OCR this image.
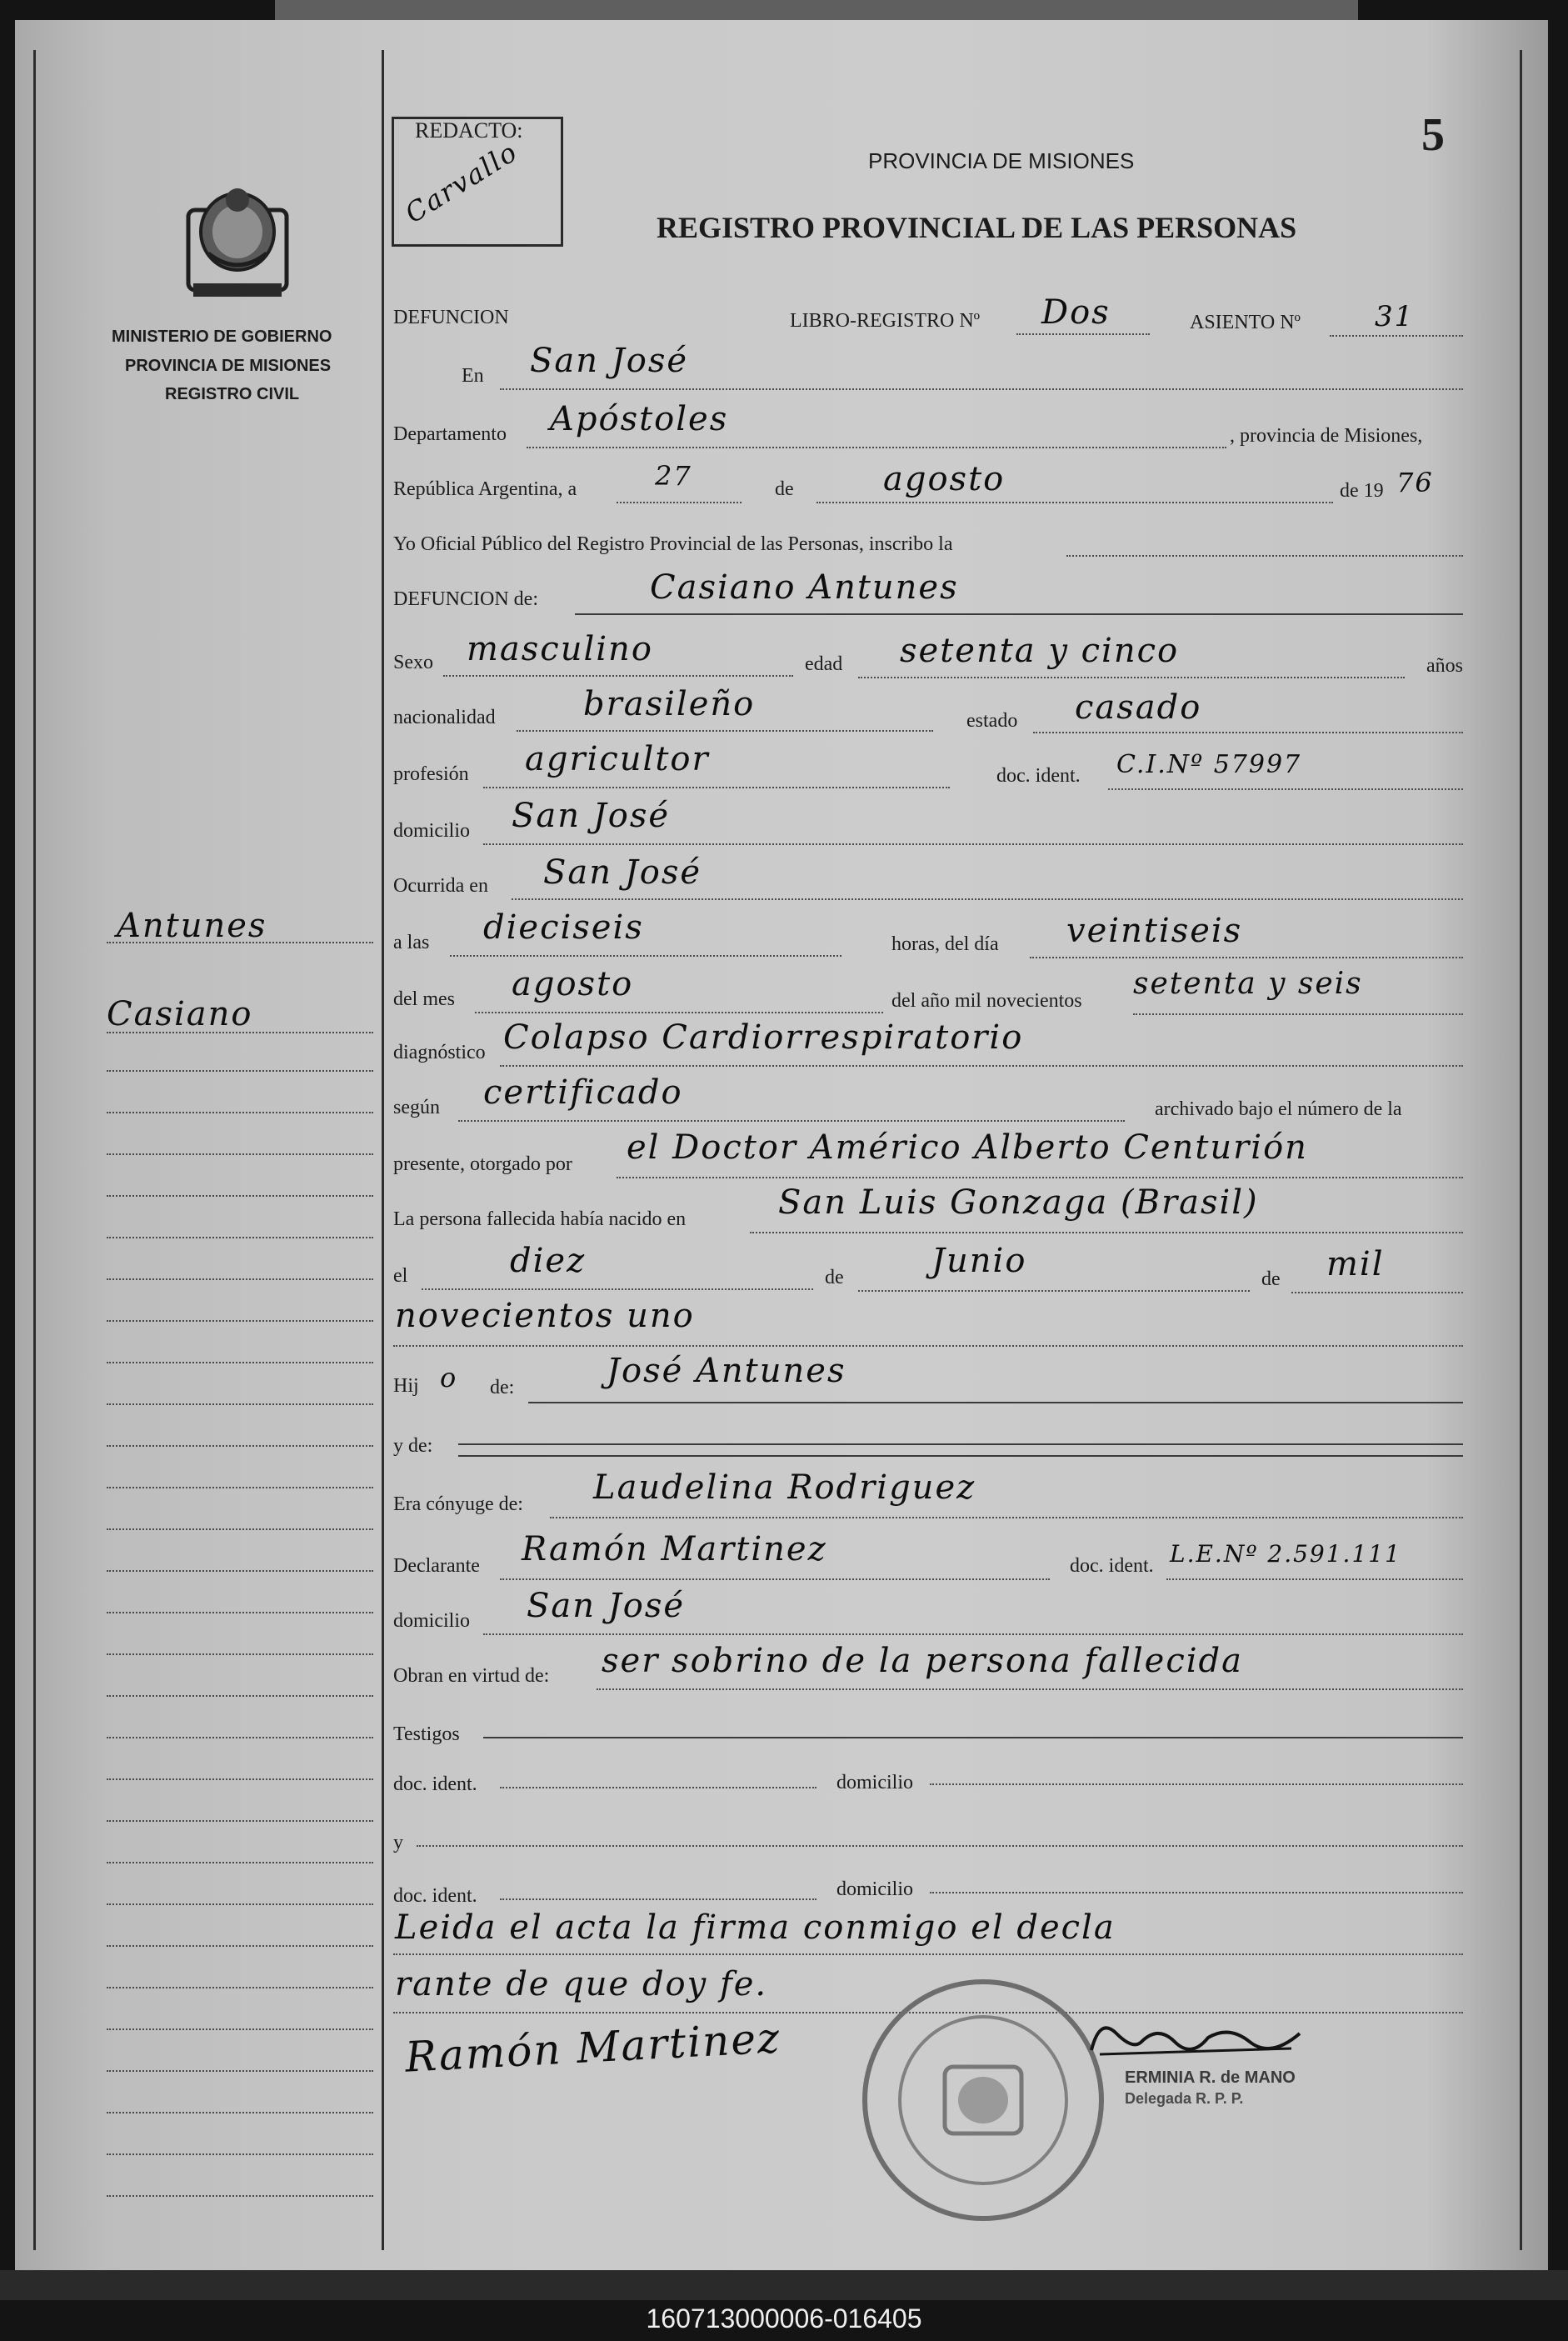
REDACTO:
Carvallo
5
PROVINCIA DE MISIONES
REGISTRO PROVINCIAL DE LAS PERSONAS
MINISTERIO DE GOBIERNO
PROVINCIA DE MISIONES
REGISTRO CIVIL
Antunes
Casiano
DEFUNCION	LIBRO-REGISTRO Nº Dos	ASIENTO Nº	31
En San José
Departamento Apóstoles	, provincia de Misiones,
República Argentina, a	27	de	agosto	de 19 76
Yo Oficial Público del Registro Provincial de las Personas, inscribo la
DEFUNCION de:	Casiano Antunes
Sexo masculino	edad setenta y cinco	años
nacionalidad	brasileño	estado casado
profesión agricultor	doc. ident. C.I.Nº 57997
domicilio San José
Ocurrida en San José
a las dieciseis	horas, del día veintiseis
del mes agosto	del año mil novecientos setenta y seis
diagnóstico Colapso Cardiorrespiratorio
según certificado	archivado bajo el número de la
presente, otorgado por el Doctor Américo Alberto Centurión
La persona fallecida había nacido en	San Luis Gonzaga (Brasil)
el	diez	de	Junio	de mil
novecientos uno
Hij o de:	José Antunes
y de:
Era cónyuge de: Laudelina Rodriguez
Declarante Ramón Martinez	doc. ident. L.E.Nº 2.591.111
domicilio San José
Obran en virtud de: ser sobrino de la persona fallecida
Testigos
doc. ident.	domicilio
y
doc. ident.	domicilio
Leida el acta la firma conmigo el decla
rante de que doy fe.
Ramón Martinez	ERMINIA R. de MANO
Delegada R. P. P.
160713000006-016405
